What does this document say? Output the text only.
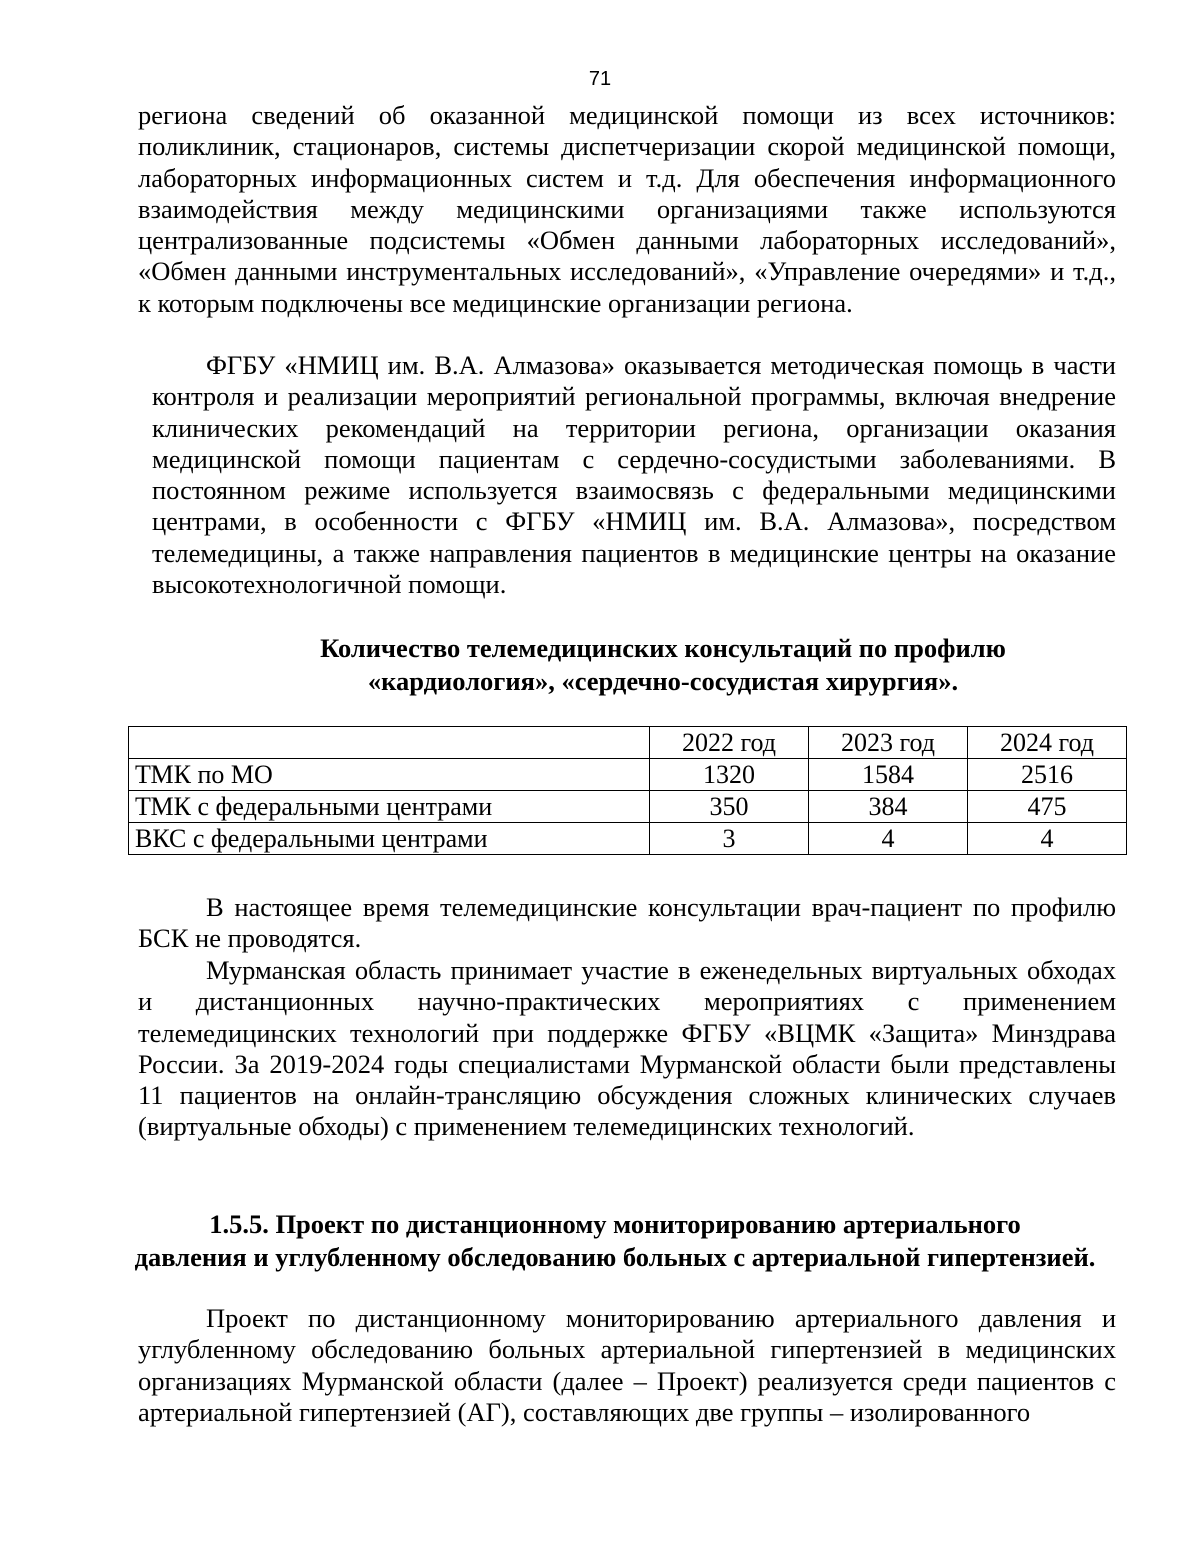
71

региона сведений об оказанной медицинской помощи из всех источников: поликлиник, стационаров, системы диспетчеризации скорой медицинской помощи, лабораторных информационных систем и т.д. Для обеспечения информационного взаимодействия между медицинскими организациями также используются централизованные подсистемы «Обмен данными лабораторных исследований», «Обмен данными инструментальных исследований», «Управление очередями» и т.д., к которым подключены все медицинские организации региона.

ФГБУ «НМИЦ им. В.А. Алмазова» оказывается методическая помощь в части контроля и реализации мероприятий региональной программы, включая внедрение клинических рекомендаций на территории региона, организации оказания медицинской помощи пациентам с сердечно-сосудистыми заболеваниями. В постоянном режиме используется взаимосвязь с федеральными медицинскими центрами, в особенности с ФГБУ «НМИЦ им. В.А. Алмазова», посредством телемедицины, а также направления пациентов в медицинские центры на оказание высокотехнологичной помощи.

Количество телемедицинских консультаций по профилю
«кардиология», «сердечно-сосудистая хирургия».
	2022 год	2023 год	2024 год
ТМК по МО	1320	1584	2516
ТМК с федеральными центрами	350	384	475
ВКС с федеральными центрами	3	4	4

В настоящее время телемедицинские консультации врач-пациент по профилю БСК не проводятся.

Мурманская область принимает участие в еженедельных виртуальных обходах и дистанционных научно-практических мероприятиях с применением телемедицинских технологий при поддержке ФГБУ «ВЦМК «Защита» Минздрава России. За 2019-2024 годы специалистами Мурманской области были представлены 11 пациентов на онлайн-трансляцию обсуждения сложных клинических случаев (виртуальные обходы) с применением телемедицинских технологий.

1.5.5. Проект по дистанционному мониторированию артериального
давления и углубленному обследованию больных с артериальной гипертензией.

Проект по дистанционному мониторированию артериального давления и углубленному обследованию больных артериальной гипертензией в медицинских организациях Мурманской области (далее – Проект) реализуется среди пациентов с артериальной гипертензией (АГ), составляющих две группы – изолированного
